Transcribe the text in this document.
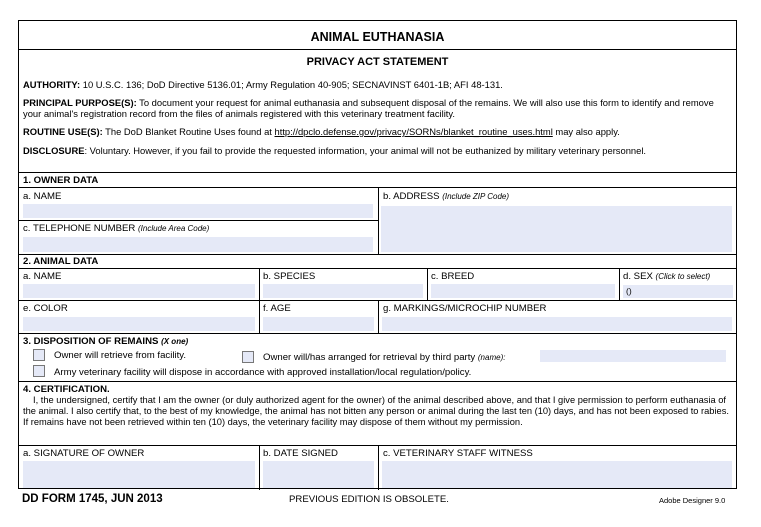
ANIMAL EUTHANASIA
PRIVACY ACT STATEMENT
AUTHORITY: 10 U.S.C. 136; DoD Directive 5136.01; Army Regulation 40-905; SECNAVINST 6401-1B; AFI 48-131.
PRINCIPAL PURPOSE(S): To document your request for animal euthanasia and subsequent disposal of the remains. We will also use this form to identify and remove your animal's registration record from the files of animals registered with this veterinary treatment facility.
ROUTINE USE(S): The DoD Blanket Routine Uses found at http://dpclo.defense.gov/privacy/SORNs/blanket_routine_uses.html may also apply.
DISCLOSURE: Voluntary. However, if you fail to provide the requested information, your animal will not be euthanized by military veterinary personnel.
1. OWNER DATA
a. NAME	b. ADDRESS (Include ZIP Code)
c. TELEPHONE NUMBER (Include Area Code)
2. ANIMAL DATA
a. NAME	b. SPECIES	c. BREED	d. SEX (Click to select)
()
e. COLOR	f. AGE	g. MARKINGS/MICROCHIP NUMBER
3. DISPOSITION OF REMAINS (X one)
Owner will retrieve from facility.	Owner will/has arranged for retrieval by third party (name):
Army veterinary facility will dispose in accordance with approved installation/local regulation/policy.
4. CERTIFICATION.
I, the undersigned, certify that I am the owner (or duly authorized agent for the owner) of the animal described above, and that I give permission to perform euthanasia of the animal. I also certify that, to the best of my knowledge, the animal has not bitten any person or animal during the last ten (10) days, and has not been exposed to rabies. If remains have not been retrieved within ten (10) days, the veterinary facility may dispose of them without my permission.
a. SIGNATURE OF OWNER	b. DATE SIGNED	c. VETERINARY STAFF WITNESS
DD FORM 1745, JUN 2013	PREVIOUS EDITION IS OBSOLETE.	Adobe Designer 9.0
